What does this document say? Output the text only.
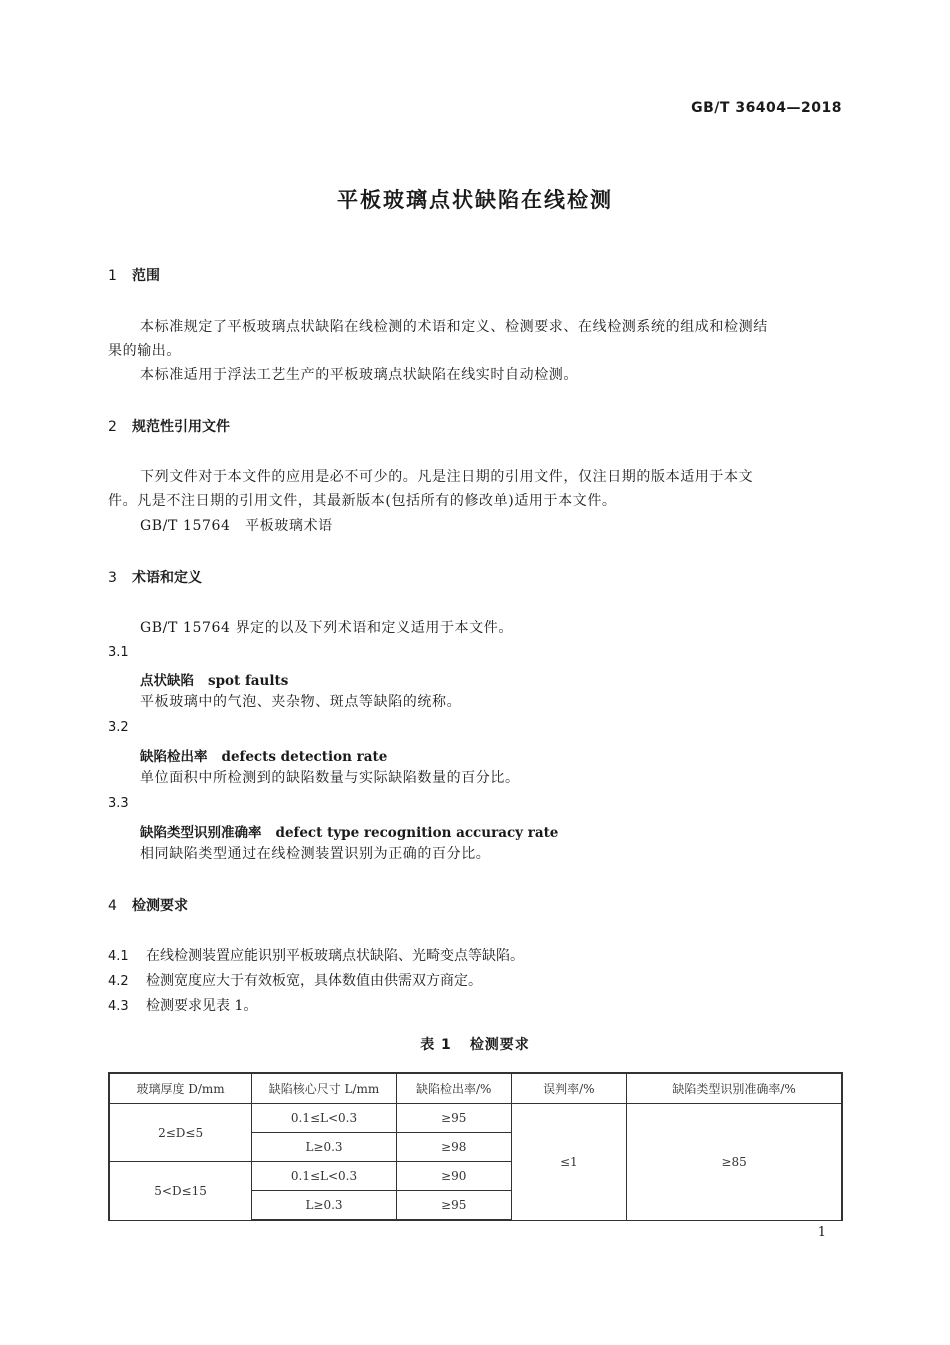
GB/T 36404—2018
平板玻璃点状缺陷在线检测
1 范围

本标准规定了平板玻璃点状缺陷在线检测的术语和定义、检测要求、在线检测系统的组成和检测结

果的输出。

本标准适用于浮法工艺生产的平板玻璃点状缺陷在线实时自动检测。

2 规范性引用文件

下列文件对于本文件的应用是必不可少的。凡是注日期的引用文件，仅注日期的版本适用于本文

件。凡是不注日期的引用文件，其最新版本(包括所有的修改单)适用于本文件。

GB/T 15764　平板玻璃术语

3 术语和定义

GB/T 15764 界定的以及下列术语和定义适用于本文件。

3.1
点状缺陷 spot faults

平板玻璃中的气泡、夹杂物、斑点等缺陷的统称。

3.2
缺陷检出率 defects detection rate

单位面积中所检测到的缺陷数量与实际缺陷数量的百分比。

3.3
缺陷类型识别准确率 defect type recognition accuracy rate

相同缺陷类型通过在线检测装置识别为正确的百分比。

4 检测要求
4.1 在线检测装置应能识别平板玻璃点状缺陷、光畸变点等缺陷。
4.2 检测宽度应大于有效板宽，具体数值由供需双方商定。
4.3 检测要求见表 1。
表 1 检测要求
玻璃厚度 D/mm	缺陷核心尺寸 L/mm	缺陷检出率/%	误判率/%	缺陷类型识别准确率/%
2≤D≤5	0.1≤L<0.3	≥95	≤1	≥85
	L≥0.3	≥98		
5<D≤15	0.1≤L<0.3	≥90		
	L≥0.3	≥95		
1
